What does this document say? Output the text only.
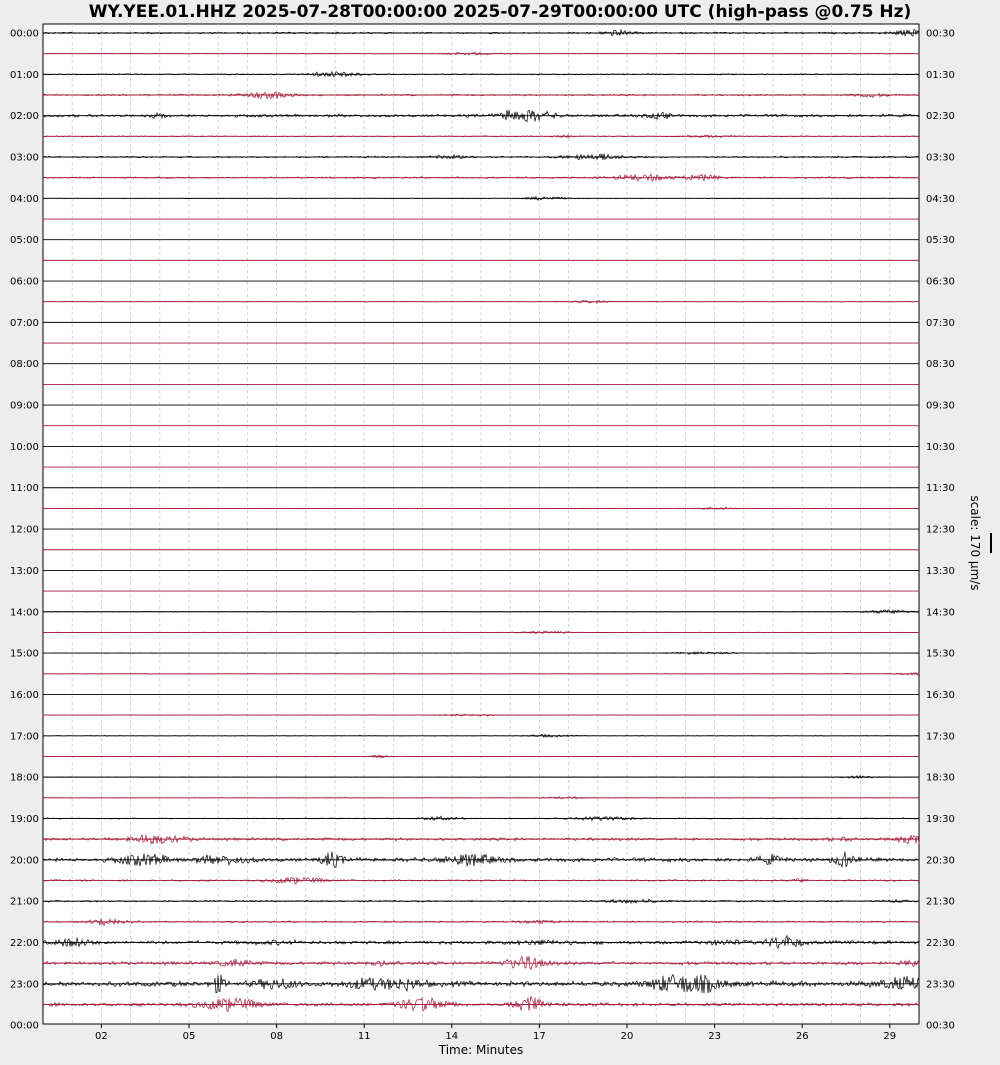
WY.YEE.01.HHZ 2025-07-28T00:00:00 2025-07-29T00:00:00 UTC (high-pass @0.75 Hz)
00:00
01:00
02:00
03:00
04:00
05:00
06:00
07:00
08:00
09:00
10:00
11:00
12:00
13:00
14:00
15:00
16:00
17:00
18:00
19:00
20:00
21:00
22:00
23:00
00:00
00:30
01:30
02:30
03:30
04:30
05:30
06:30
07:30
08:30
09:30
10:30
11:30
12:30
13:30
14:30
15:30
16:30
17:30
18:30
19:30
20:30
21:30
22:30
23:30
00:30
02	05	08	11	14	17	20	23	26	29
Time: Minutes
scale: 170 μm/s
